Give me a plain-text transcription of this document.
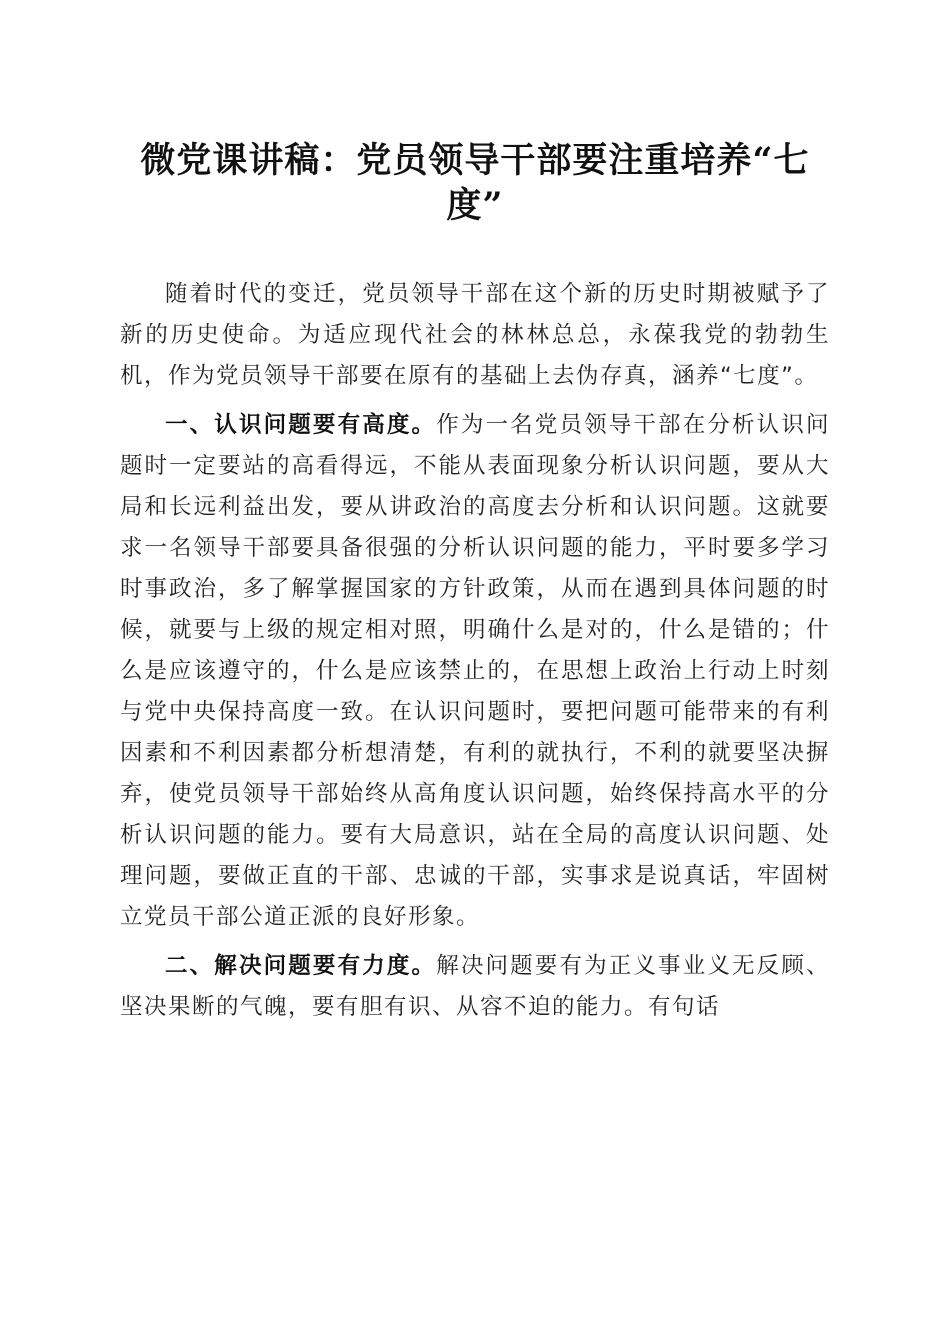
微党课讲稿：党员领导干部要注重培养“七度”

随着时代的变迁，党员领导干部在这个新的历史时期被赋予了新的历史使命。为适应现代社会的林林总总，永葆我党的勃勃生机，作为党员领导干部要在原有的基础上去伪存真，涵养“七度”。

一、认识问题要有高度。作为一名党员领导干部在分析认识问题时一定要站的高看得远，不能从表面现象分析认识问题，要从大局和长远利益出发，要从讲政治的高度去分析和认识问题。这就要求一名领导干部要具备很强的分析认识问题的能力，平时要多学习时事政治，多了解掌握国家的方针政策，从而在遇到具体问题的时候，就要与上级的规定相对照，明确什么是对的，什么是错的；什么是应该遵守的，什么是应该禁止的，在思想上政治上行动上时刻与党中央保持高度一致。在认识问题时，要把问题可能带来的有利因素和不利因素都分析想清楚，有利的就执行，不利的就要坚决摒弃，使党员领导干部始终从高角度认识问题，始终保持高水平的分析认识问题的能力。要有大局意识，站在全局的高度认识问题、处理问题，要做正直的干部、忠诚的干部，实事求是说真话，牢固树立党员干部公道正派的良好形象。

二、解决问题要有力度。解决问题要有为正义事业义无反顾、坚决果断的气魄，要有胆有识、从容不迫的能力。有句话
